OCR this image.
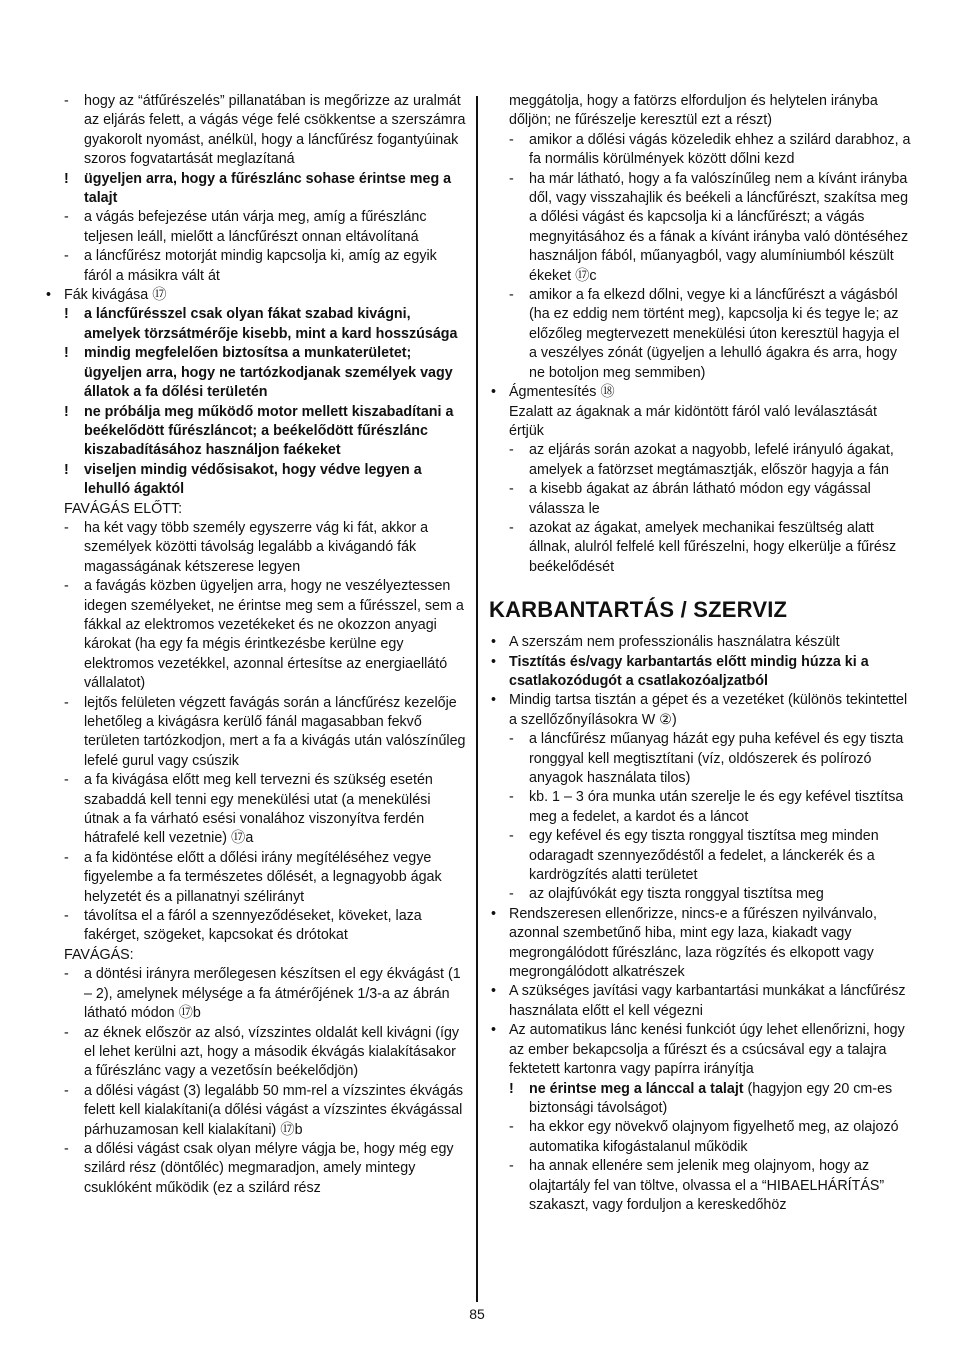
- hogy az “átfűrészelés” pillanatában is megőrizze az uralmát az eljárás felett, a vágás vége felé csökkentse a szerszámra gyakorolt nyomást, anélkül, hogy a láncfűrész fogantyúinak szoros fogvatartását meglazítaná
! ügyeljen arra, hogy a fűrészlánc sohase érintse meg a talajt
- a vágás befejezése után várja meg, amíg a fűrészlánc teljesen leáll, mielőtt a láncfűrészt onnan eltávolítaná
- a láncfűrész motorját mindig kapcsolja ki, amíg az egyik fáról a másikra vált át
• Fák kivágása ⑰
! a láncfűrésszel csak olyan fákat szabad kivágni, amelyek törzsátmérője kisebb, mint a kard hosszúsága
! mindig megfelelően biztosítsa a munkaterületet; ügyeljen arra, hogy ne tartózkodjanak személyek vagy állatok a fa dőlési területén
! ne próbálja meg működő motor mellett kiszabadítani a beékelődött fűrészláncot; a beékelődött fűrészlánc kiszabadításához használjon faékeket
! viseljen mindig védősisakot, hogy védve legyen a lehulló ágaktól
FAVÁGÁS ELŐTT:
- ha két vagy több személy egyszerre vág ki fát, akkor a személyek közötti távolság legalább a kivágandó fák magasságának kétszerese legyen
- a favágás közben ügyeljen arra, hogy ne veszélyeztessen idegen személyeket, ne érintse meg sem a fűrésszel, sem a fákkal az elektromos vezetékeket és ne okozzon anyagi károkat (ha egy fa mégis érintkezésbe kerülne egy elektromos vezetékkel, azonnal értesítse az energiaellátó vállalatot)
- lejtős felületen végzett favágás során a láncfűrész kezelője lehetőleg a kivágásra kerülő fánál magasabban fekvő területen tartózkodjon, mert a fa a kivágás után valószínűleg lefelé gurul vagy csúszik
- a fa kivágása előtt meg kell tervezni és szükség esetén szabaddá kell tenni egy menekülési utat (a menekülési útnak a fa várható esési vonalához viszonyítva ferdén hátrafelé kell vezetnie) ⑰a
- a fa kidöntése előtt a dőlési irány megítéléséhez vegye figyelembe a fa természetes dőlését, a legnagyobb ágak helyzetét és a pillanatnyi szélirányt
- távolítsa el a fáról a szennyeződéseket, köveket, laza fakérget, szögeket, kapcsokat és drótokat
FAVÁGÁS:
- a döntési irányra merőlegesen készítsen el egy ékvágást (1 – 2), amelynek mélysége a fa átmérőjének 1/3-a az ábrán látható módon ⑰b
- az éknek először az alsó, vízszintes oldalát kell kivágni (így el lehet kerülni azt, hogy a második ékvágás kialakításakor a fűrészlánc vagy a vezetősín beékelődjön)
- a dőlési vágást (3) legalább 50 mm-rel a vízszintes ékvágás felett kell kialakítani(a dőlési vágást a vízszintes ékvágással párhuzamosan kell kialakítani) ⑰b
- a dőlési vágást csak olyan mélyre vágja be, hogy még egy szilárd rész (döntőléc) megmaradjon, amely mintegy csuklóként működik (ez a szilárd rész
meggátolja, hogy a fatörzs elforduljon és helytelen irányba dőljön; ne fűrészelje keresztül ezt a részt)
- amikor a dőlési vágás közeledik ehhez a szilárd darabhoz, a fa normális körülmények között dőlni kezd
- ha már látható, hogy a fa valószínűleg nem a kívánt irányba dől, vagy visszahajlik és beékeli a láncfűrészt, szakítsa meg a dőlési vágást és kapcsolja ki a láncfűrészt; a vágás megnyitásához és a fának a kívánt irányba való döntéséhez használjon fából, műanyagból, vagy alumíniumból készült ékeket ⑰c
- amikor a fa elkezd dőlni, vegye ki a láncfűrészt a vágásból (ha ez eddig nem történt meg), kapcsolja ki és tegye le; az előzőleg megtervezett menekülési úton keresztül hagyja el a veszélyes zónát (ügyeljen a lehulló ágakra és arra, hogy ne botoljon meg semmiben)
• Ágmentesítés ⑱
Ezalatt az ágaknak a már kidöntött fáról való leválasztását értjük
- az eljárás során azokat a nagyobb, lefelé irányuló ágakat, amelyek a fatörzset megtámasztják, először hagyja a fán
- a kisebb ágakat az ábrán látható módon egy vágással válassza le
- azokat az ágakat, amelyek mechanikai feszültség alatt állnak, alulról felfelé kell fűrészelni, hogy elkerülje a fűrész beékelődését
KARBANTARTÁS / SZERVIZ
• A szerszám nem professzionális használatra készült
• Tisztítás és/vagy karbantartás előtt mindig húzza ki a csatlakozódugót a csatlakozóaljzatból
• Mindig tartsa tisztán a gépet és a vezetéket (különös tekintettel a szellőzőnyílásokra W ②)
- a láncfűrész műanyag házát egy puha kefével és egy tiszta ronggyal kell megtisztítani (víz, oldószerek és polírozó anyagok használata tilos)
- kb. 1 – 3 óra munka után szerelje le és egy kefével tisztítsa meg a fedelet, a kardot és a láncot
- egy kefével és egy tiszta ronggyal tisztítsa meg minden odaragadt szennyeződéstől a fedelet, a lánckerék és a kardrögzítés alatti területet
- az olajfúvókát egy tiszta ronggyal tisztítsa meg
• Rendszeresen ellenőrizze, nincs-e a fűrészen nyilvánvalo, azonnal szembetűnő hiba, mint egy laza, kiakadt vagy megrongálódott fűrészlánc, laza rögzítés és elkopott vagy megrongálódott alkatrészek
• A szükséges javítási vagy karbantartási munkákat a láncfűrész használata előtt el kell végezni
• Az automatikus lánc kenési funkciót úgy lehet ellenőrizni, hogy az ember bekapcsolja a fűrészt és a csúcsával egy a talajra fektetett kartonra vagy papírra irányítja
! ne érintse meg a lánccal a talajt (hagyjon egy 20 cm-es biztonsági távolságot)
- ha ekkor egy növekvő olajnyom figyelhető meg, az olajozó automatika kifogástalanul működik
- ha annak ellenére sem jelenik meg olajnyom, hogy az olajtartály fel van töltve, olvassa el a “HIBAELHÁRÍTÁS” szakaszt, vagy forduljon a kereskedőhöz
85
